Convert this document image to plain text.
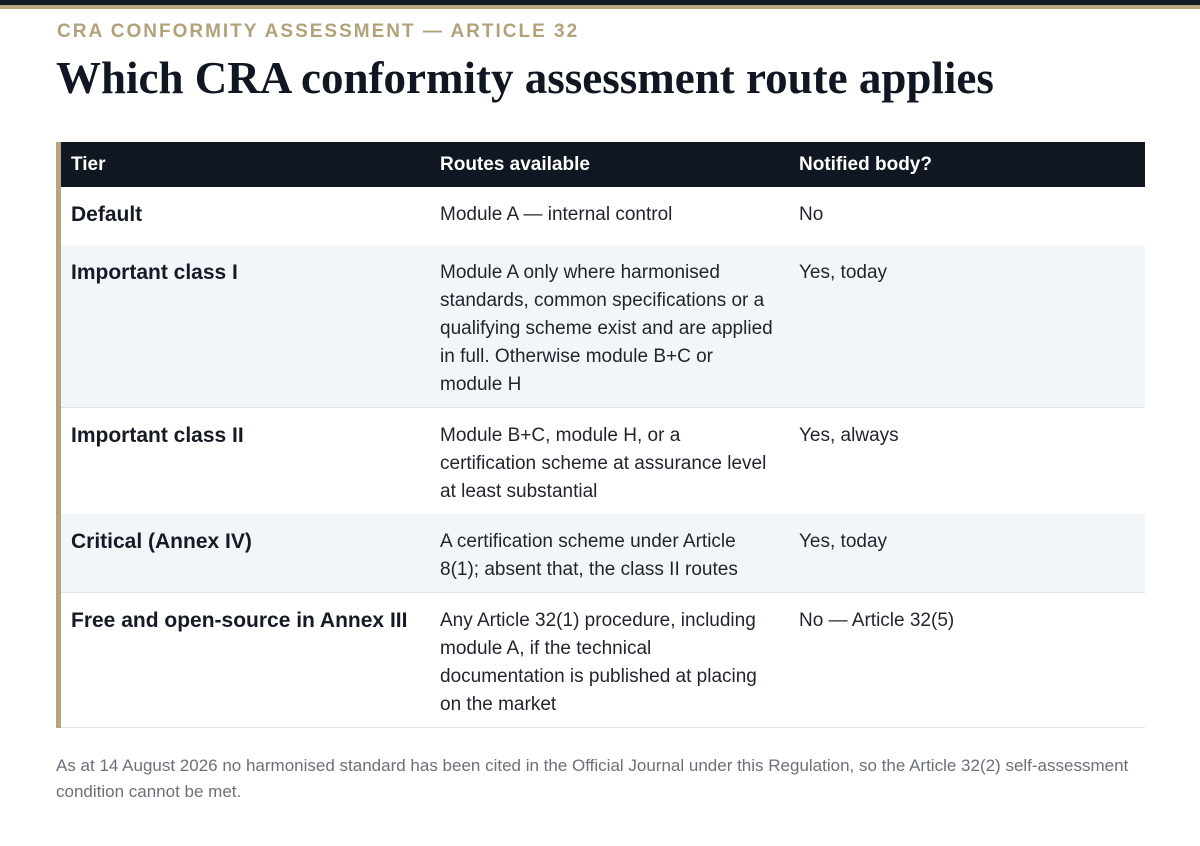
CRA CONFORMITY ASSESSMENT — ARTICLE 32
Which CRA conformity assessment route applies
Tier	Routes available	Notified body?
Default	Module A — internal control	No
Important class I	Module A only where harmonised standards, common specifications or a qualifying scheme exist and are applied in full. Otherwise module B+C or module H	Yes, today
Important class II	Module B+C, module H, or a certification scheme at assurance level at least substantial	Yes, always
Critical (Annex IV)	A certification scheme under Article 8(1); absent that, the class II routes	Yes, today
Free and open-source in Annex III	Any Article 32(1) procedure, including module A, if the technical documentation is published at placing on the market	No — Article 32(5)

As at 14 August 2026 no harmonised standard has been cited in the Official Journal under this Regulation, so the Article 32(2) self-assessment condition cannot be met.
